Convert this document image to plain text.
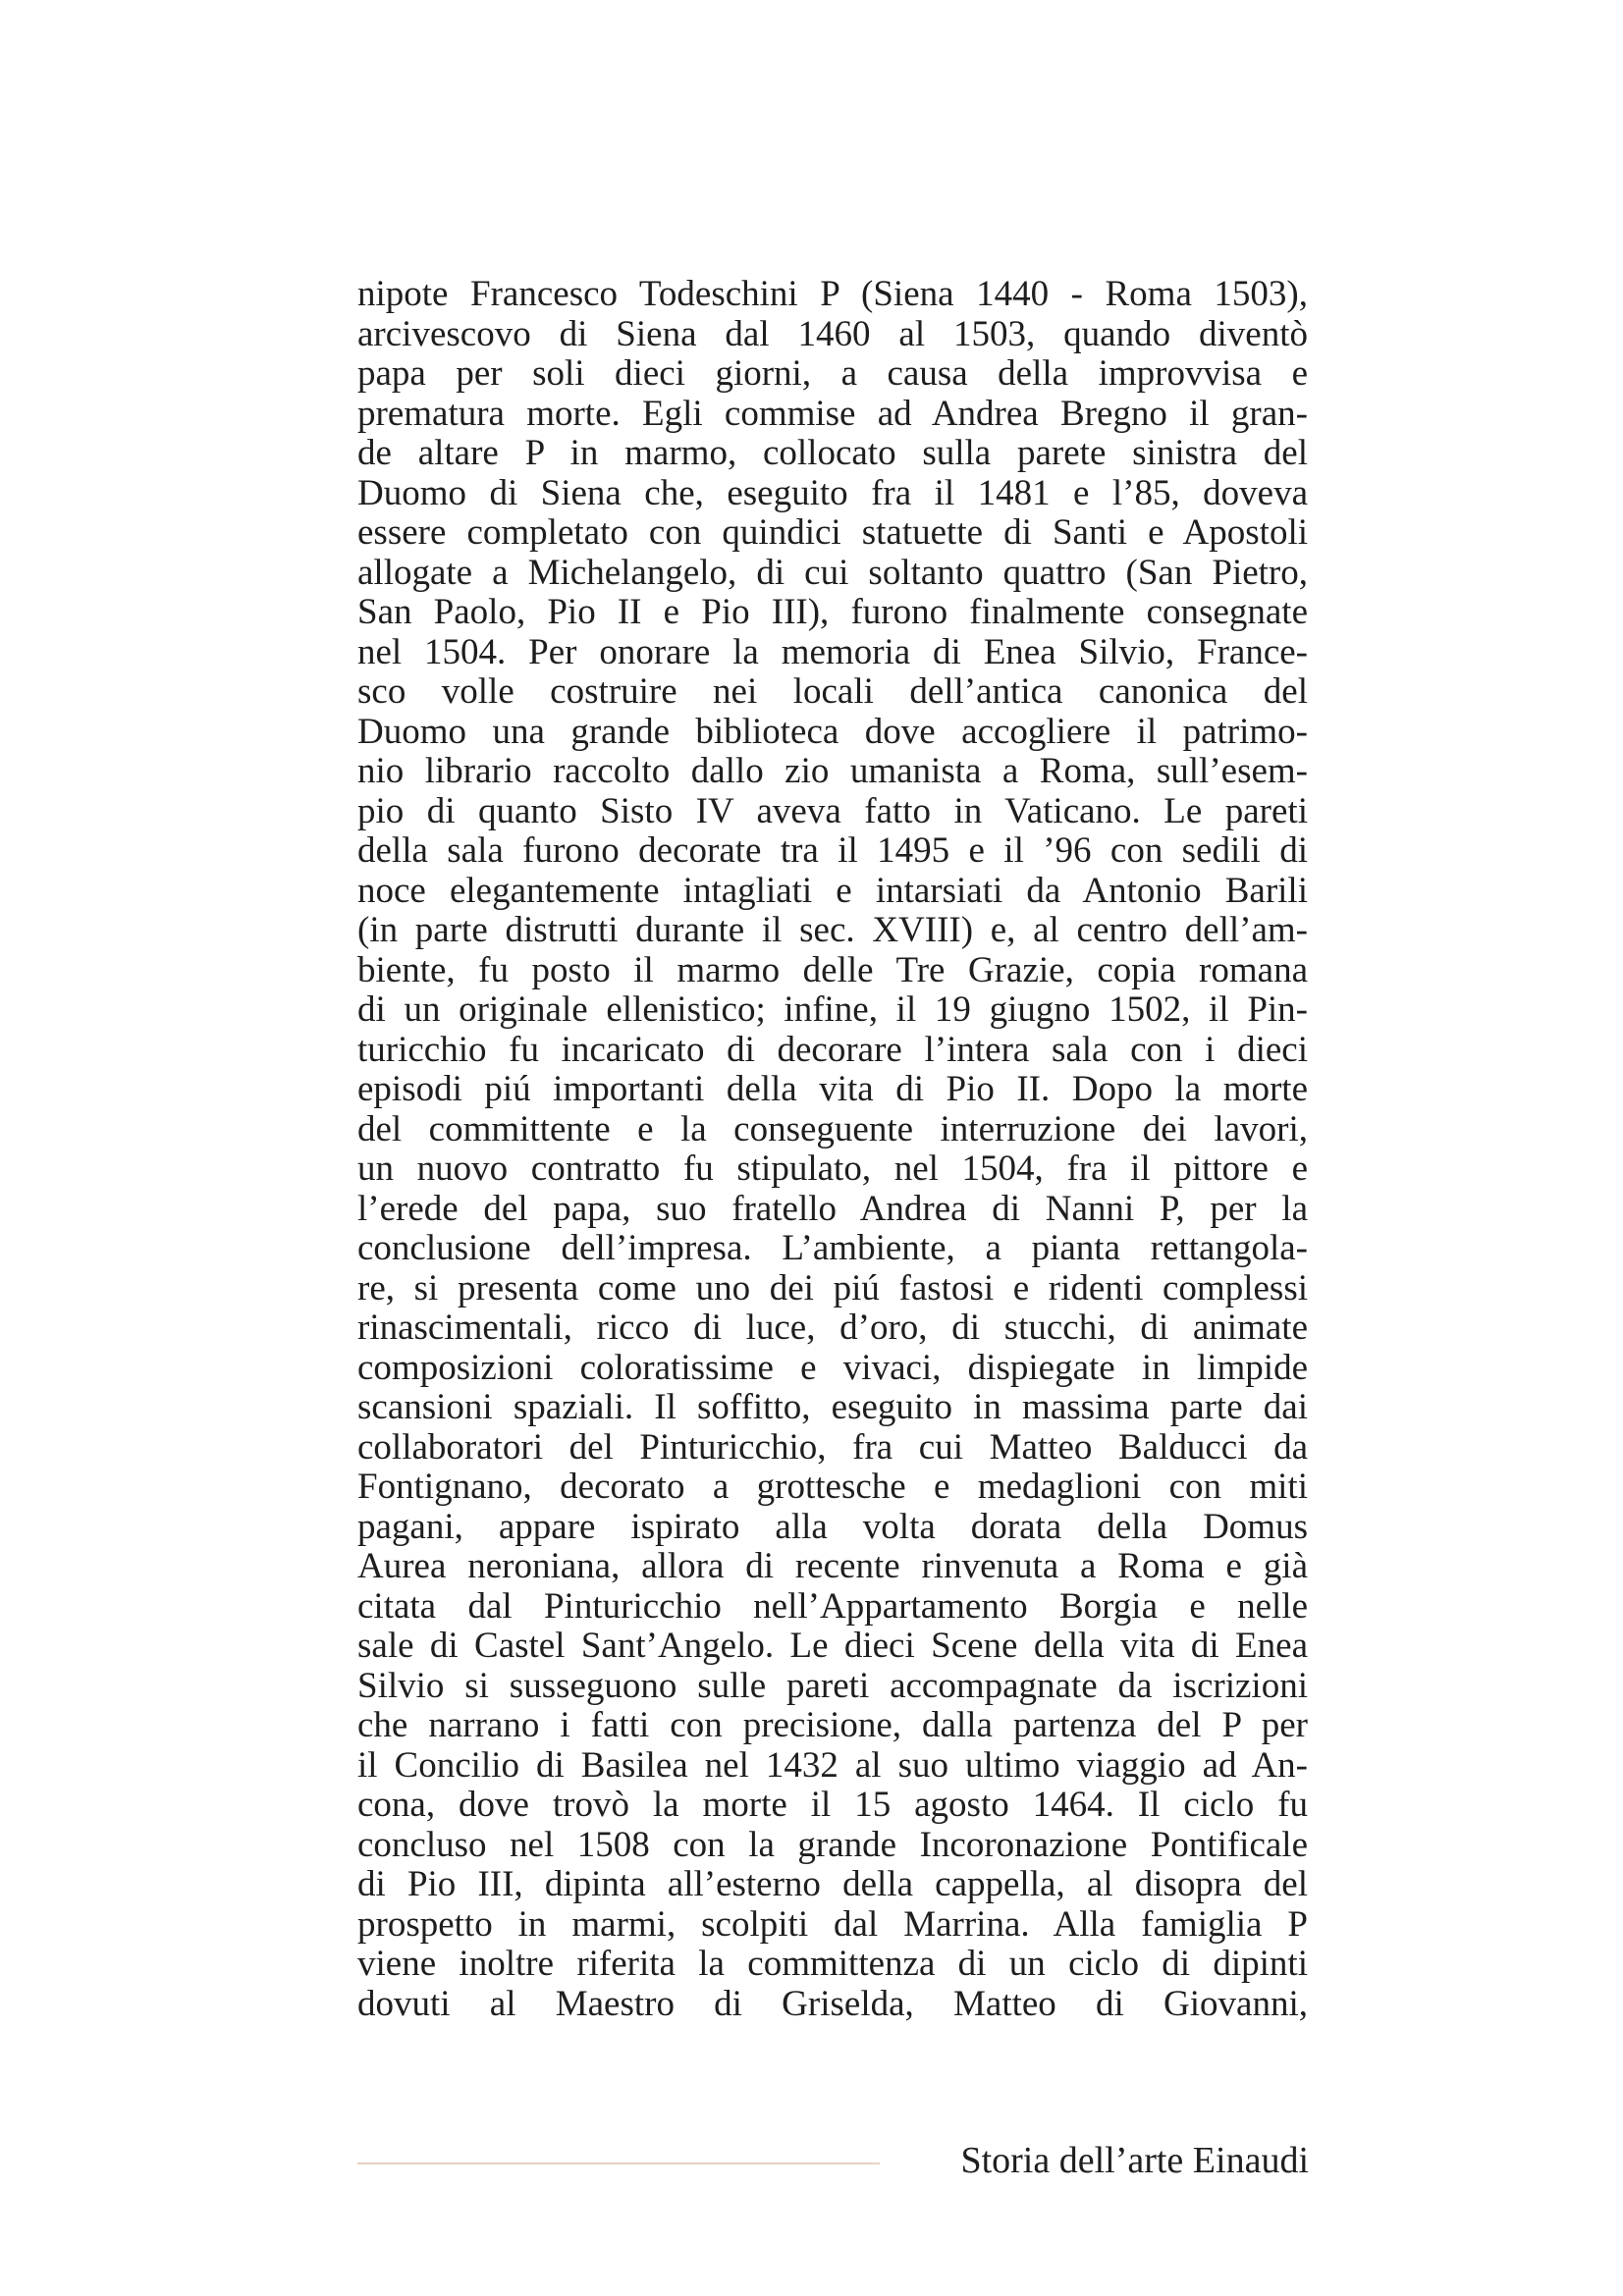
nipote Francesco Todeschini P (Siena 1440 - Roma 1503),
arcivescovo di Siena dal 1460 al 1503, quando diventò
papa per soli dieci giorni, a causa della improvvisa e
prematura morte. Egli commise ad Andrea Bregno il gran-
de altare P in marmo, collocato sulla parete sinistra del
Duomo di Siena che, eseguito fra il 1481 e l’85, doveva
essere completato con quindici statuette di Santi e Apostoli
allogate a Michelangelo, di cui soltanto quattro (San Pietro,
San Paolo, Pio II e Pio III), furono finalmente consegnate
nel 1504. Per onorare la memoria di Enea Silvio, France-
sco volle costruire nei locali dell’antica canonica del
Duomo una grande biblioteca dove accogliere il patrimo-
nio librario raccolto dallo zio umanista a Roma, sull’esem-
pio di quanto Sisto IV aveva fatto in Vaticano. Le pareti
della sala furono decorate tra il 1495 e il ’96 con sedili di
noce elegantemente intagliati e intarsiati da Antonio Barili
(in parte distrutti durante il sec. XVIII) e, al centro dell’am-
biente, fu posto il marmo delle Tre Grazie, copia romana
di un originale ellenistico; infine, il 19 giugno 1502, il Pin-
turicchio fu incaricato di decorare l’intera sala con i dieci
episodi piú importanti della vita di Pio II. Dopo la morte
del committente e la conseguente interruzione dei lavori,
un nuovo contratto fu stipulato, nel 1504, fra il pittore e
l’erede del papa, suo fratello Andrea di Nanni P, per la
conclusione dell’impresa. L’ambiente, a pianta rettangola-
re, si presenta come uno dei piú fastosi e ridenti complessi
rinascimentali, ricco di luce, d’oro, di stucchi, di animate
composizioni coloratissime e vivaci, dispiegate in limpide
scansioni spaziali. Il soffitto, eseguito in massima parte dai
collaboratori del Pinturicchio, fra cui Matteo Balducci da
Fontignano, decorato a grottesche e medaglioni con miti
pagani, appare ispirato alla volta dorata della Domus
Aurea neroniana, allora di recente rinvenuta a Roma e già
citata dal Pinturicchio nell’Appartamento Borgia e nelle
sale di Castel Sant’Angelo. Le dieci Scene della vita di Enea
Silvio si susseguono sulle pareti accompagnate da iscrizioni
che narrano i fatti con precisione, dalla partenza del P per
il Concilio di Basilea nel 1432 al suo ultimo viaggio ad An-
cona, dove trovò la morte il 15 agosto 1464. Il ciclo fu
concluso nel 1508 con la grande Incoronazione Pontificale
di Pio III, dipinta all’esterno della cappella, al disopra del
prospetto in marmi, scolpiti dal Marrina. Alla famiglia P
viene inoltre riferita la committenza di un ciclo di dipinti
dovuti al Maestro di Griselda, Matteo di Giovanni,
Storia dell’arte Einaudi
